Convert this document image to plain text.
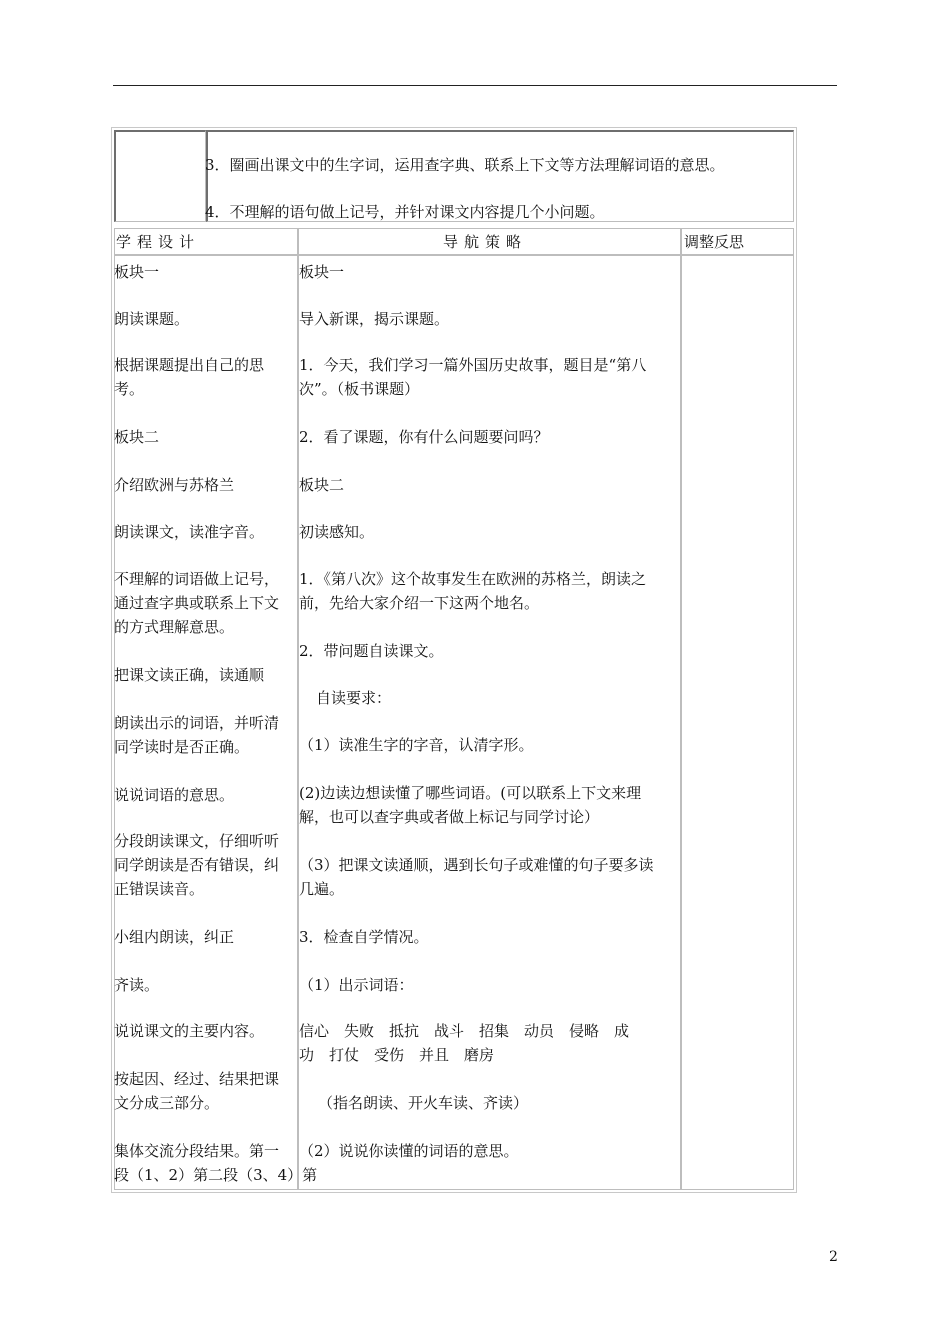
3．圈画出课文中的生字词，运用查字典、联系上下文等方法理解词语的意思。
4．不理解的语句做上记号，并针对课文内容提几个小问题。
学程设计	导航策略	调整反思
板块一
朗读课题。
根据课题提出自己的思
考。
板块二
介绍欧洲与苏格兰
朗读课文，读准字音。
不理解的词语做上记号，
通过查字典或联系上下文
的方式理解意思。
把课文读正确，读通顺
朗读出示的词语，并听清
同学读时是否正确。
说说词语的意思。
分段朗读课文，仔细听听
同学朗读是否有错误，纠
正错误读音。
小组内朗读，纠正
齐读。
说说课文的主要内容。
按起因、经过、结果把课
文分成三部分。
集体交流分段结果。第一
段（1、2）第二段（3、4）第
板块一
导入新课，揭示课题。
1．今天，我们学习一篇外国历史故事，题目是“第八
次”。（板书课题）
2．看了课题，你有什么问题要问吗？
板块二
初读感知。
1．《第八次》这个故事发生在欧洲的苏格兰，朗读之
前，先给大家介绍一下这两个地名。
2．带问题自读课文。
自读要求：
（1）读准生字的字音，认清字形。
(2)边读边想读懂了哪些词语。(可以联系上下文来理
解，也可以查字典或者做上标记与同学讨论）
（3）把课文读通顺，遇到长句子或难懂的句子要多读
几遍。
3．检查自学情况。
（1）出示词语：
信心　失败　抵抗　战斗　招集　动员　侵略　成
功　打仗　受伤　并且　磨房
（指名朗读、开火车读、齐读）
（2）说说你读懂的词语的意思。
2
